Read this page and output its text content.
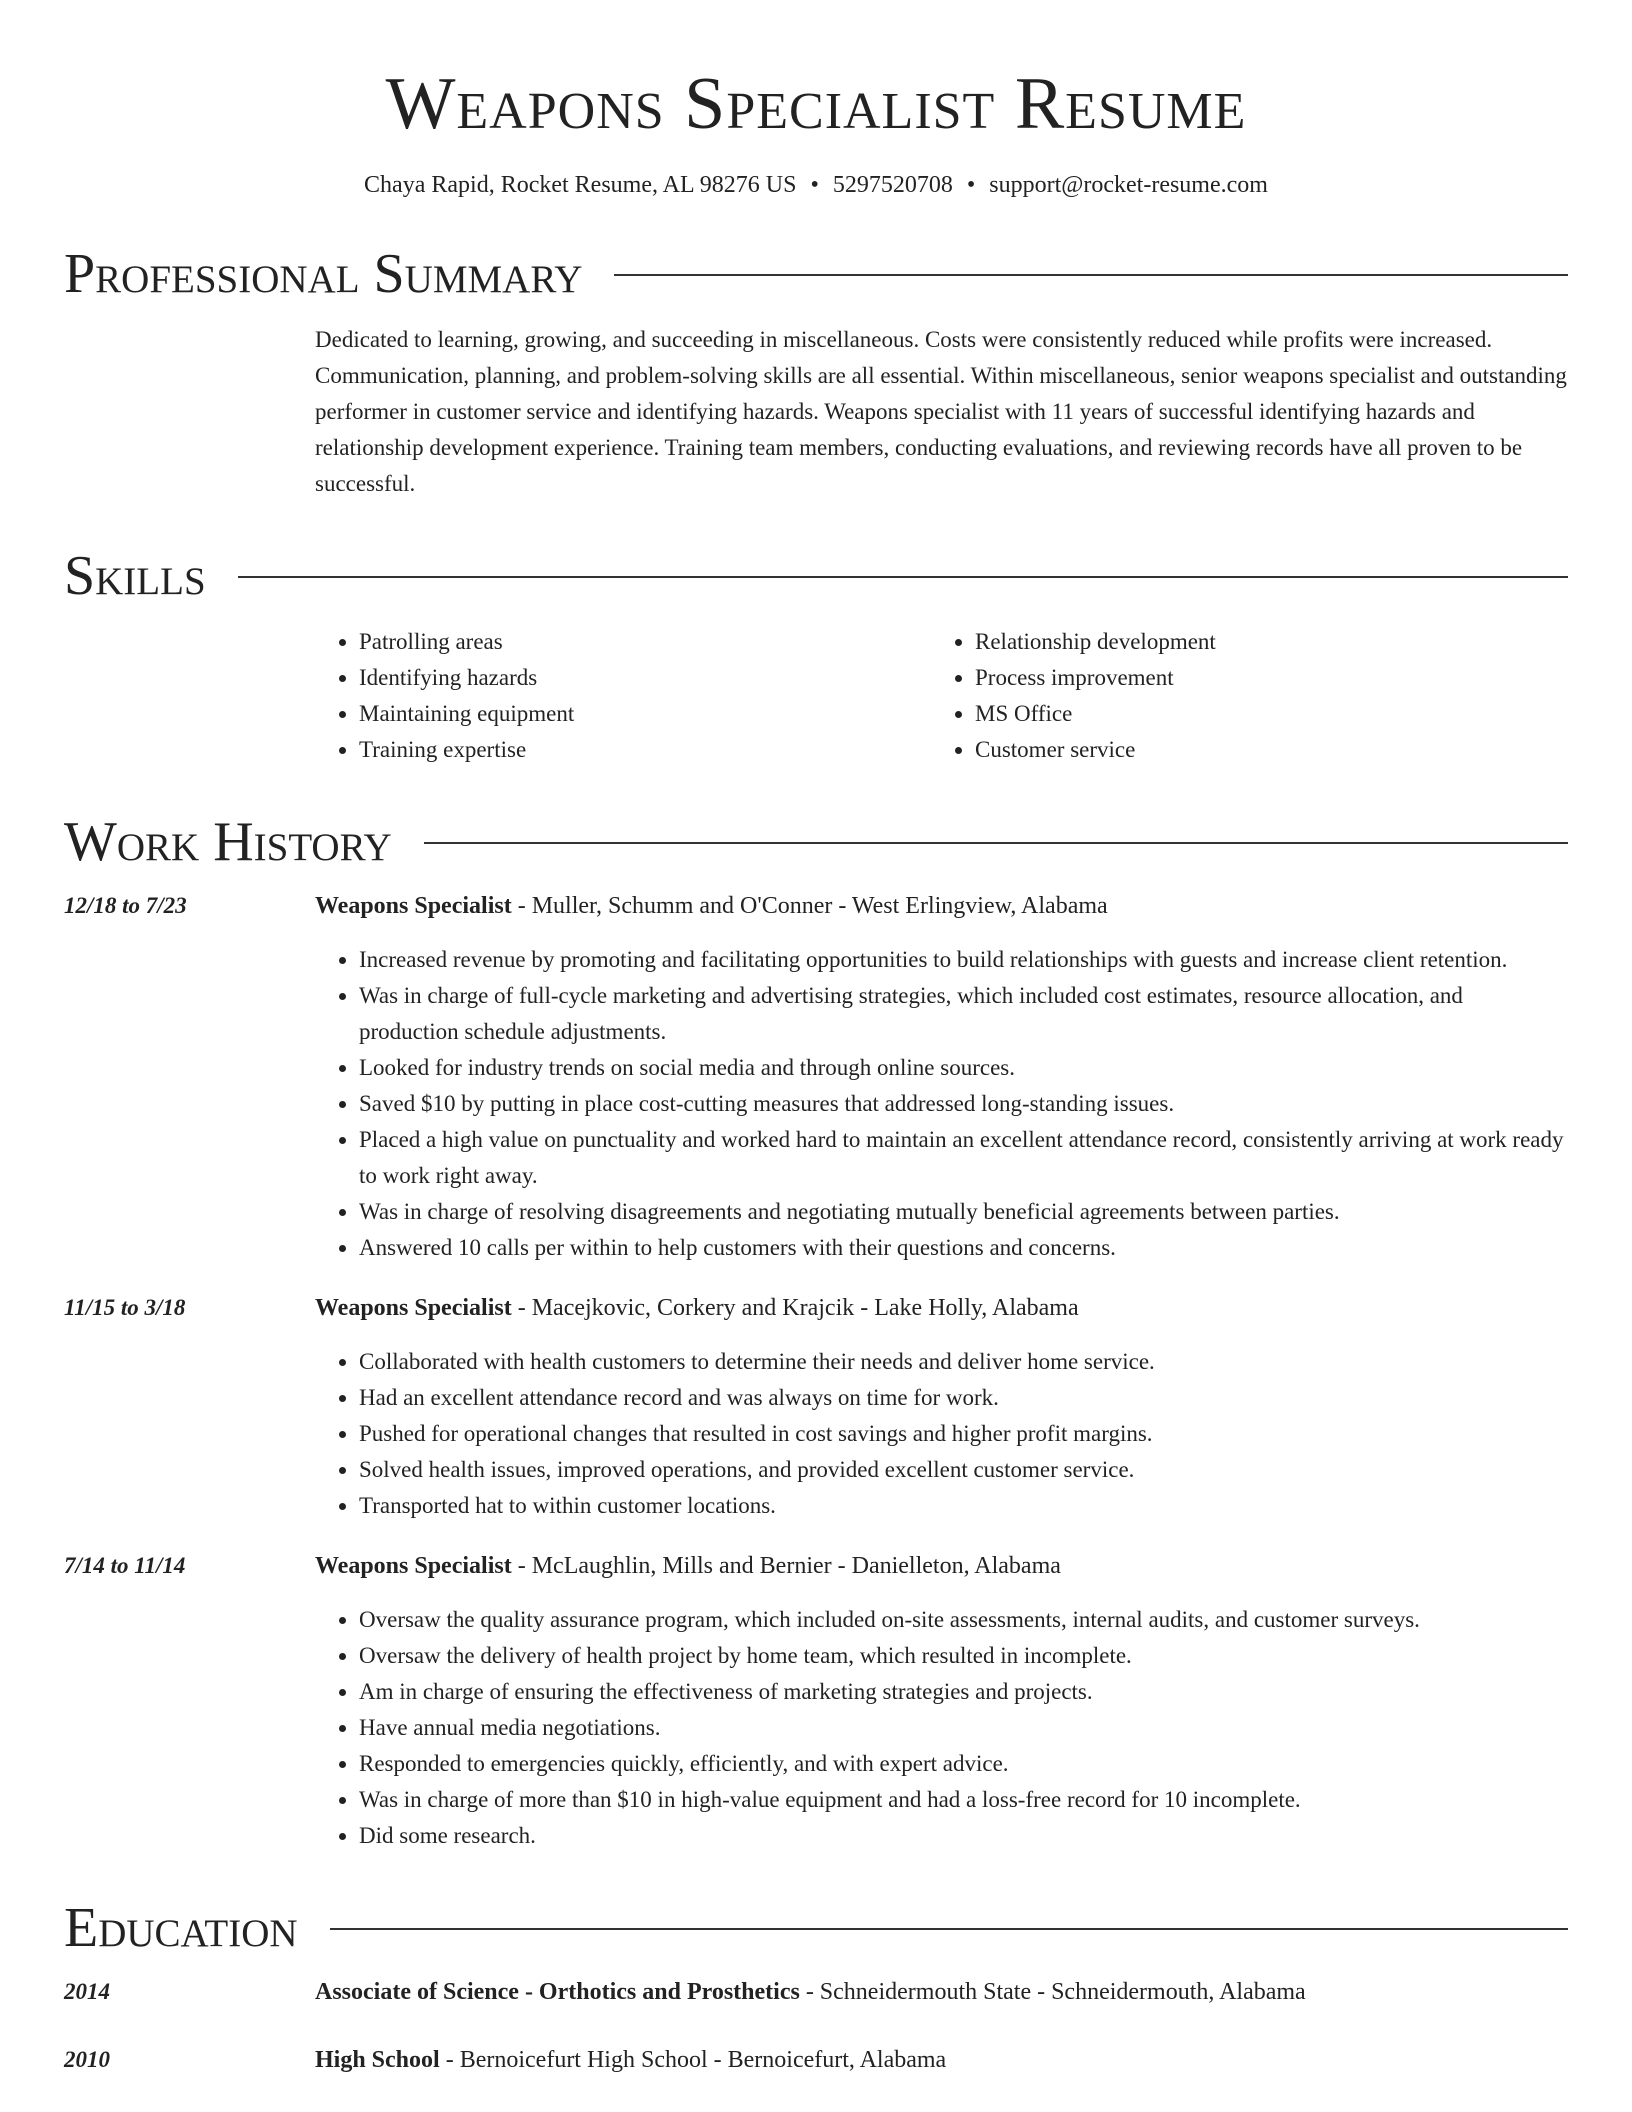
Weapons Specialist Resume
Chaya Rapid, Rocket Resume, AL 98276 US • 5297520708 • support@rocket-resume.com
Professional Summary
Dedicated to learning, growing, and succeeding in miscellaneous. Costs were consistently reduced while profits were increased. Communication, planning, and problem-solving skills are all essential. Within miscellaneous, senior weapons specialist and outstanding performer in customer service and identifying hazards. Weapons specialist with 11 years of successful identifying hazards and relationship development experience. Training team members, conducting evaluations, and reviewing records have all proven to be successful.
Skills
• Patrolling areas
• Identifying hazards
• Maintaining equipment
• Training expertise
• Relationship development
• Process improvement
• MS Office
• Customer service
Work History
12/18 to 7/23	Weapons Specialist - Muller, Schumm and O'Conner - West Erlingview, Alabama
• Increased revenue by promoting and facilitating opportunities to build relationships with guests and increase client retention.
• Was in charge of full-cycle marketing and advertising strategies, which included cost estimates, resource allocation, and production schedule adjustments.
• Looked for industry trends on social media and through online sources.
• Saved $10 by putting in place cost-cutting measures that addressed long-standing issues.
• Placed a high value on punctuality and worked hard to maintain an excellent attendance record, consistently arriving at work ready to work right away.
• Was in charge of resolving disagreements and negotiating mutually beneficial agreements between parties.
• Answered 10 calls per within to help customers with their questions and concerns.
11/15 to 3/18	Weapons Specialist - Macejkovic, Corkery and Krajcik - Lake Holly, Alabama
• Collaborated with health customers to determine their needs and deliver home service.
• Had an excellent attendance record and was always on time for work.
• Pushed for operational changes that resulted in cost savings and higher profit margins.
• Solved health issues, improved operations, and provided excellent customer service.
• Transported hat to within customer locations.
7/14 to 11/14	Weapons Specialist - McLaughlin, Mills and Bernier - Danielleton, Alabama
• Oversaw the quality assurance program, which included on-site assessments, internal audits, and customer surveys.
• Oversaw the delivery of health project by home team, which resulted in incomplete.
• Am in charge of ensuring the effectiveness of marketing strategies and projects.
• Have annual media negotiations.
• Responded to emergencies quickly, efficiently, and with expert advice.
• Was in charge of more than $10 in high-value equipment and had a loss-free record for 10 incomplete.
• Did some research.
Education
2014	Associate of Science - Orthotics and Prosthetics - Schneidermouth State - Schneidermouth, Alabama
2010	High School - Bernoicefurt High School - Bernoicefurt, Alabama
